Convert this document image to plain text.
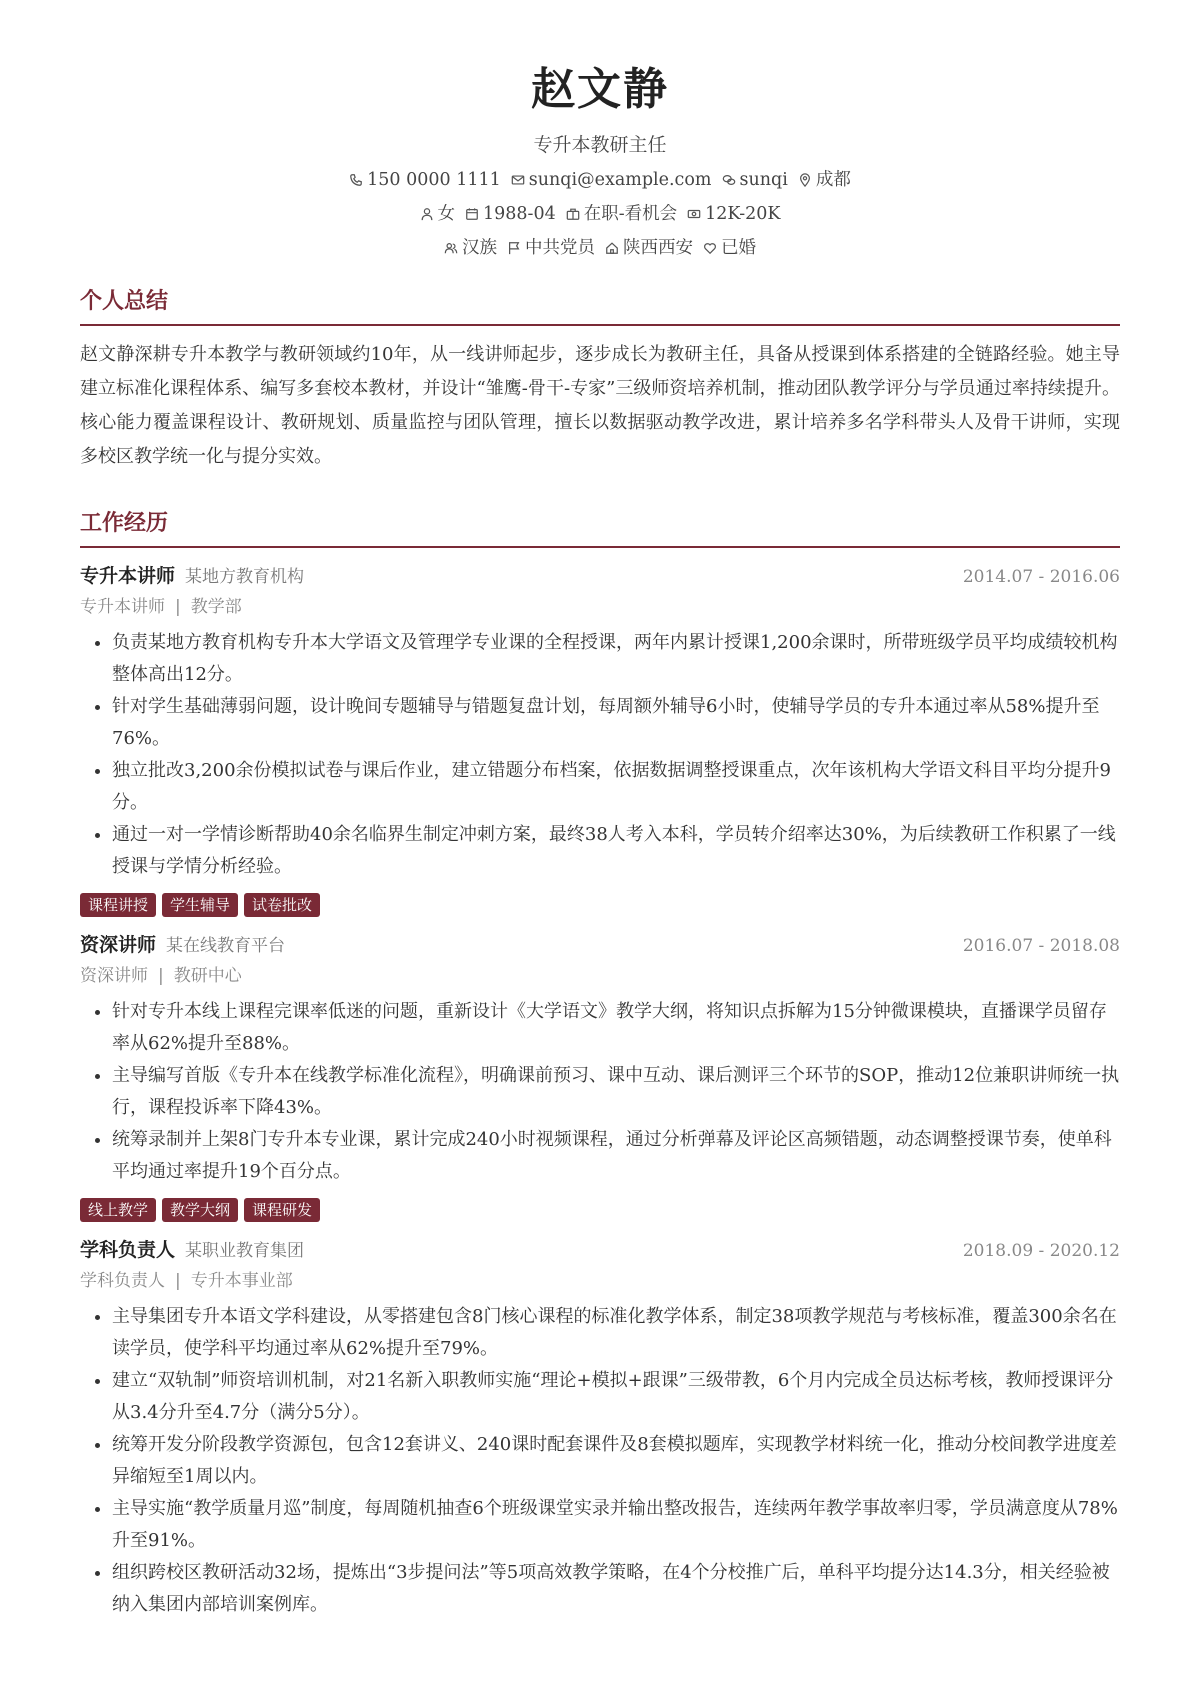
赵文静
专升本教研主任
150 0000 1111 sunqi@example.com sunqi 成都
女 1988-04 在职-看机会 12K-20K
汉族 中共党员 陕西西安 已婚
个人总结
赵文静深耕专升本教学与教研领域约10年，从一线讲师起步，逐步成长为教研主任，具备从授课到体系搭建的全链路经验。她主导建立标准化课程体系、编写多套校本教材，并设计“雏鹰-骨干-专家”三级师资培养机制，推动团队教学评分与学员通过率持续提升。核心能力覆盖课程设计、教研规划、质量监控与团队管理，擅长以数据驱动教学改进，累计培养多名学科带头人及骨干讲师，实现多校区教学统一化与提分实效。
工作经历
专升本讲师 某地方教育机构	2014.07 - 2016.06
专升本讲师 | 教学部
• 负责某地方教育机构专升本大学语文及管理学专业课的全程授课，两年内累计授课1,200余课时，所带班级学员平均成绩较机构整体高出12分。
• 针对学生基础薄弱问题，设计晚间专题辅导与错题复盘计划，每周额外辅导6小时，使辅导学员的专升本通过率从58%提升至76%。
• 独立批改3,200余份模拟试卷与课后作业，建立错题分布档案，依据数据调整授课重点，次年该机构大学语文科目平均分提升9分。
• 通过一对一学情诊断帮助40余名临界生制定冲刺方案，最终38人考入本科，学员转介绍率达30%，为后续教研工作积累了一线授课与学情分析经验。
课程讲授	学生辅导	试卷批改
资深讲师 某在线教育平台	2016.07 - 2018.08
资深讲师 | 教研中心
• 针对专升本线上课程完课率低迷的问题，重新设计《大学语文》教学大纲，将知识点拆解为15分钟微课模块，直播课学员留存率从62%提升至88%。
• 主导编写首版《专升本在线教学标准化流程》，明确课前预习、课中互动、课后测评三个环节的SOP，推动12位兼职讲师统一执行，课程投诉率下降43%。
• 统筹录制并上架8门专升本专业课，累计完成240小时视频课程，通过分析弹幕及评论区高频错题，动态调整授课节奏，使单科平均通过率提升19个百分点。
线上教学	教学大纲	课程研发
学科负责人 某职业教育集团	2018.09 - 2020.12
学科负责人 | 专升本事业部
• 主导集团专升本语文学科建设，从零搭建包含8门核心课程的标准化教学体系，制定38项教学规范与考核标准，覆盖300余名在读学员，使学科平均通过率从62%提升至79%。
• 建立“双轨制”师资培训机制，对21名新入职教师实施“理论+模拟+跟课”三级带教，6个月内完成全员达标考核，教师授课评分从3.4分升至4.7分（满分5分）。
• 统筹开发分阶段教学资源包，包含12套讲义、240课时配套课件及8套模拟题库，实现教学材料统一化，推动分校间教学进度差异缩短至1周以内。
• 主导实施“教学质量月巡”制度，每周随机抽查6个班级课堂实录并输出整改报告，连续两年教学事故率归零，学员满意度从78%升至91%。
• 组织跨校区教研活动32场，提炼出“3步提问法”等5项高效教学策略，在4个分校推广后，单科平均提分达14.3分，相关经验被纳入集团内部培训案例库。
